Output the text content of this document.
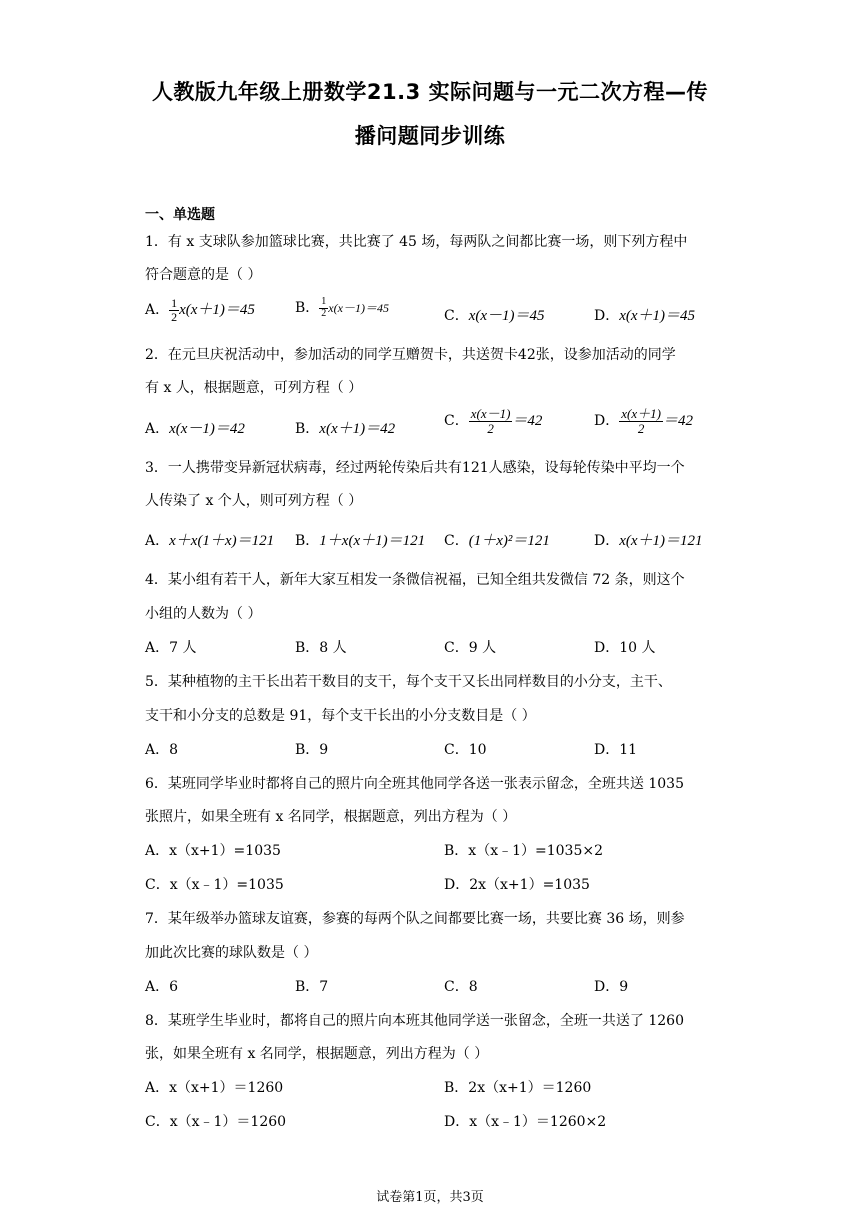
人教版九年级上册数学21.3 实际问题与一元二次方程—传
播问题同步训练
一、单选题
1．有 x 支球队参加篮球比赛，共比赛了 45 场，每两队之间都比赛一场，则下列方程中
符合题意的是（ ）
A． $\frac{1}{2} x(x+1)=45$	B． $\frac{1}{2} x(x-1)=45$	C．x(x－1)＝45	D．x(x＋1)＝45
2．在元旦庆祝活动中，参加活动的同学互赠贺卡，共送贺卡42张，设参加活动的同学
有 x 人，根据题意，可列方程（ ）
A．x(x－1)＝42	B．x(x＋1)＝42	C． $\frac{x(x-1)}{2} =42$	D． $\frac{x(x+1)}{2} =42$
3．一人携带变异新冠状病毒，经过两轮传染后共有121人感染，设每轮传染中平均一个
人传染了 x 个人，则可列方程（ ）
A．x＋x(1＋x)＝121 B．1＋x(x＋1)＝121 C．(1＋x)²＝121	D．x(x＋1)＝121
4．某小组有若干人，新年大家互相发一条微信祝福，已知全组共发微信 72 条，则这个
小组的人数为（ ）
A．7 人	B．8 人	C．9 人	D．10 人
5．某种植物的主干长出若干数目的支干，每个支干又长出同样数目的小分支，主干、
支干和小分支的总数是 91，每个支干长出的小分支数目是（ ）
A．8	B．9	C．10	D．11
6．某班同学毕业时都将自己的照片向全班其他同学各送一张表示留念，全班共送 1035
张照片，如果全班有 x 名同学，根据题意，列出方程为（ ）
A．x（x+1）=1035	B．x（x﹣1）=1035×2
C．x（x﹣1）=1035	D．2x（x+1）=1035
7．某年级举办篮球友谊赛，参赛的每两个队之间都要比赛一场，共要比赛 36 场，则参
加此次比赛的球队数是（ ）
A．6	B．7	C．8	D．9
8．某班学生毕业时，都将自己的照片向本班其他同学送一张留念，全班一共送了 1260
张，如果全班有 x 名同学，根据题意，列出方程为（ ）
A．x（x+1）＝1260	B．2x（x+1）＝1260
C．x（x﹣1）＝1260	D．x（x﹣1）＝1260×2
试卷第1页，共3页
